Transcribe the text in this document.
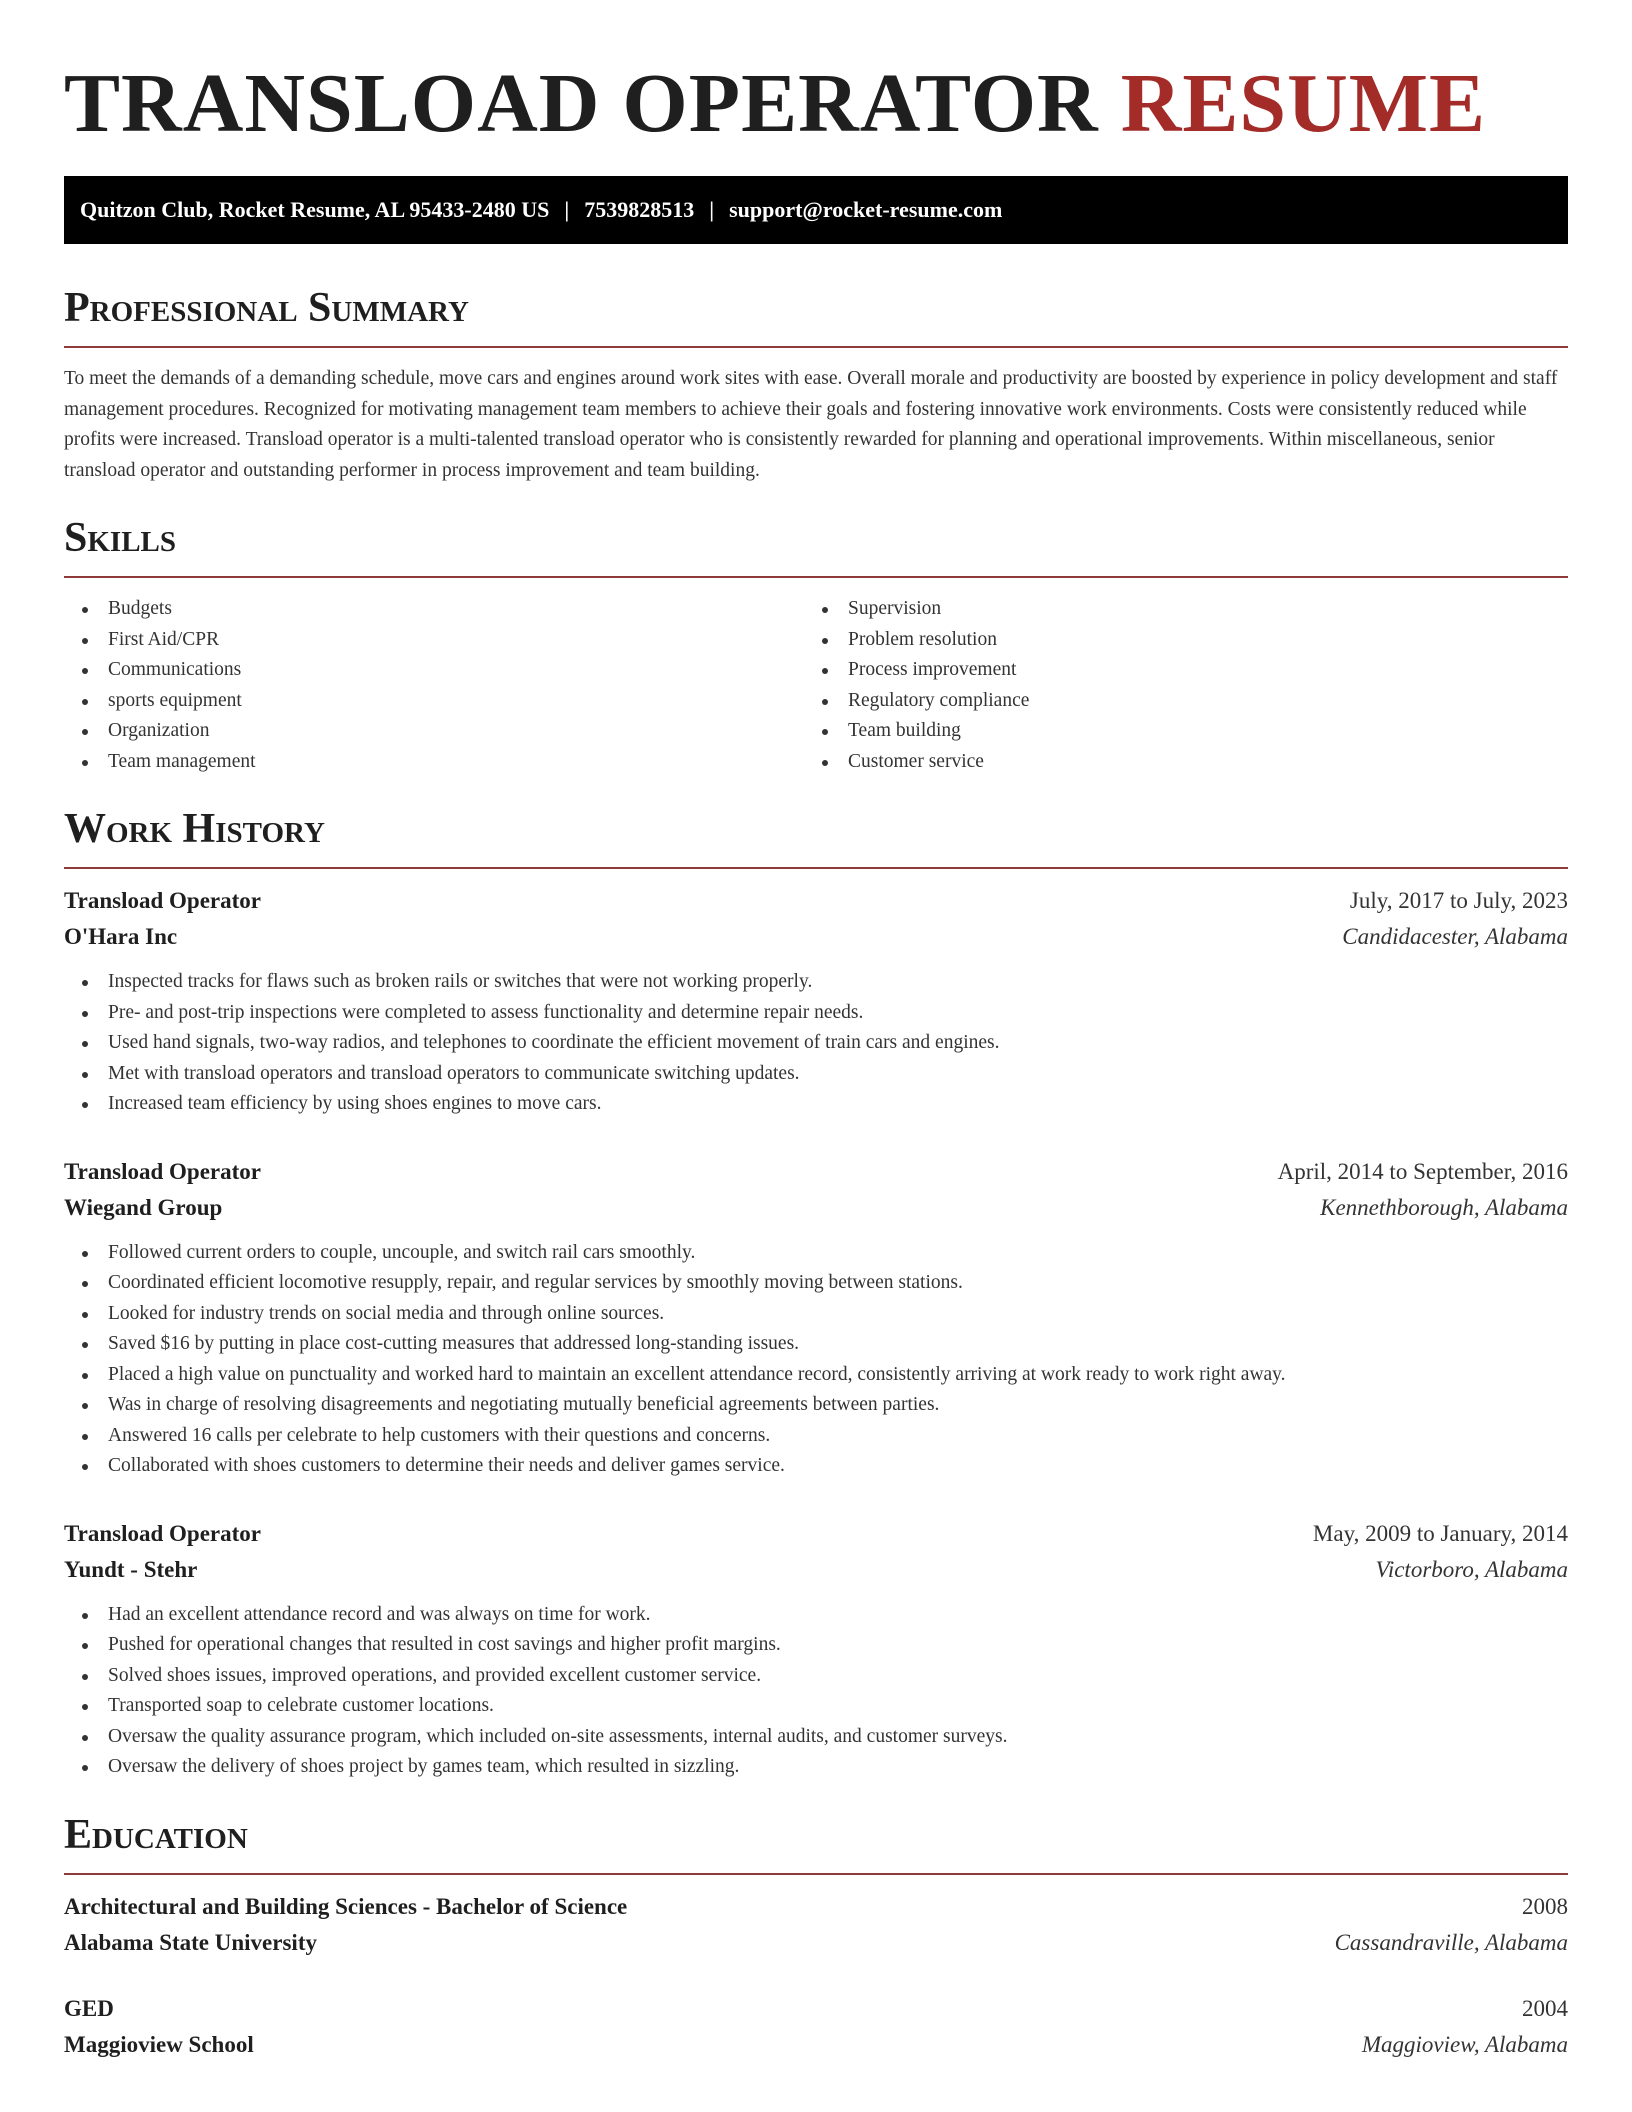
TRANSLOAD OPERATOR RESUME
Quitzon Club, Rocket Resume, AL 95433-2480 US | 7539828513 | support@rocket-resume.com
Professional Summary

To meet the demands of a demanding schedule, move cars and engines around work sites with ease. Overall morale and productivity are boosted by experience in policy development and staff management procedures. Recognized for motivating management team members to achieve their goals and fostering innovative work environments. Costs were consistently reduced while profits were increased. Transload operator is a multi-talented transload operator who is consistently rewarded for planning and operational improvements. Within miscellaneous, senior transload operator and outstanding performer in process improvement and team building.

Skills
Budgets
First Aid/CPR
Communications
sports equipment
Organization
Team management
Supervision
Problem resolution
Process improvement
Regulatory compliance
Team building
Customer service
Work History
Transload Operator	July, 2017 to July, 2023
O'Hara Inc	Candidacester, Alabama
Inspected tracks for flaws such as broken rails or switches that were not working properly.
Pre- and post-trip inspections were completed to assess functionality and determine repair needs.
Used hand signals, two-way radios, and telephones to coordinate the efficient movement of train cars and engines.
Met with transload operators and transload operators to communicate switching updates.
Increased team efficiency by using shoes engines to move cars.
Transload Operator	April, 2014 to September, 2016
Wiegand Group	Kennethborough, Alabama
Followed current orders to couple, uncouple, and switch rail cars smoothly.
Coordinated efficient locomotive resupply, repair, and regular services by smoothly moving between stations.
Looked for industry trends on social media and through online sources.
Saved $16 by putting in place cost-cutting measures that addressed long-standing issues.
Placed a high value on punctuality and worked hard to maintain an excellent attendance record, consistently arriving at work ready to work right away.
Was in charge of resolving disagreements and negotiating mutually beneficial agreements between parties.
Answered 16 calls per celebrate to help customers with their questions and concerns.
Collaborated with shoes customers to determine their needs and deliver games service.
Transload Operator	May, 2009 to January, 2014
Yundt - Stehr	Victorboro, Alabama
Had an excellent attendance record and was always on time for work.
Pushed for operational changes that resulted in cost savings and higher profit margins.
Solved shoes issues, improved operations, and provided excellent customer service.
Transported soap to celebrate customer locations.
Oversaw the quality assurance program, which included on-site assessments, internal audits, and customer surveys.
Oversaw the delivery of shoes project by games team, which resulted in sizzling.
Education
Architectural and Building Sciences - Bachelor of Science	2008
Alabama State University	Cassandraville, Alabama
GED	2004
Maggioview School	Maggioview, Alabama
